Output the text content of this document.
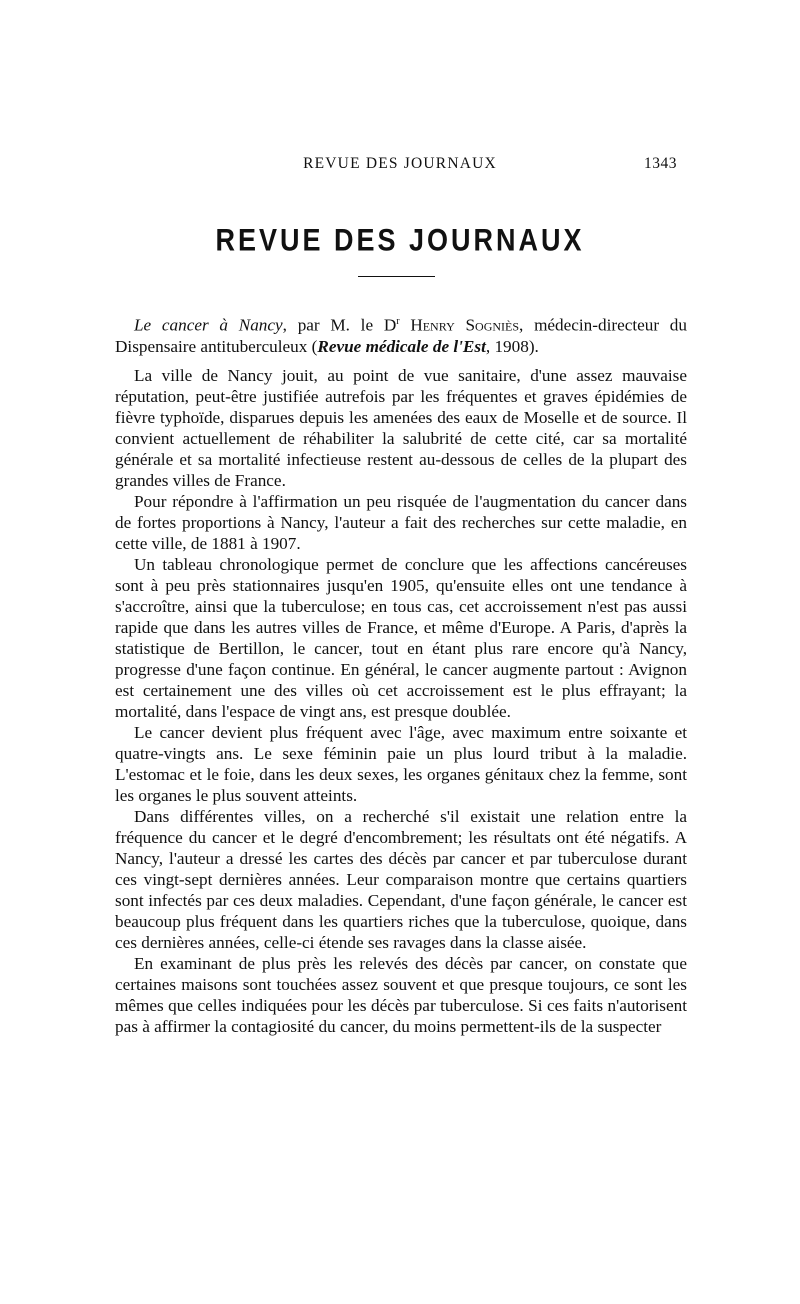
REVUE DES JOURNAUX	1343
REVUE DES JOURNAUX

Le cancer à Nancy, par M. le $D^r$ Henry Sogniès, médecin-directeur du Dispensaire antituberculeux (Revue médicale de l'Est, 1908).

La ville de Nancy jouit, au point de vue sanitaire, d'une assez mauvaise réputation, peut-être justifiée autrefois par les fréquentes et graves épidémies de fièvre typhoïde, disparues depuis les amenées des eaux de Moselle et de source. Il convient actuellement de réhabiliter la salubrité de cette cité, car sa mortalité générale et sa mortalité infectieuse restent au-dessous de celles de la plupart des grandes villes de France.

Pour répondre à l'affirmation un peu risquée de l'augmentation du cancer dans de fortes proportions à Nancy, l'auteur a fait des recherches sur cette maladie, en cette ville, de 1881 à 1907.

Un tableau chronologique permet de conclure que les affections cancéreuses sont à peu près stationnaires jusqu'en 1905, qu'ensuite elles ont une tendance à s'accroître, ainsi que la tuberculose; en tous cas, cet accroissement n'est pas aussi rapide que dans les autres villes de France, et même d'Europe. A Paris, d'après la statistique de Bertillon, le cancer, tout en étant plus rare encore qu'à Nancy, progresse d'une façon continue. En général, le cancer augmente partout : Avignon est certainement une des villes où cet accroissement est le plus effrayant; la mortalité, dans l'espace de vingt ans, est presque doublée.

Le cancer devient plus fréquent avec l'âge, avec maximum entre soixante et quatre-vingts ans. Le sexe féminin paie un plus lourd tribut à la maladie. L'estomac et le foie, dans les deux sexes, les organes génitaux chez la femme, sont les organes le plus souvent atteints.

Dans différentes villes, on a recherché s'il existait une relation entre la fréquence du cancer et le degré d'encombrement; les résultats ont été négatifs. A Nancy, l'auteur a dressé les cartes des décès par cancer et par tuberculose durant ces vingt-sept dernières années. Leur comparaison montre que certains quartiers sont infectés par ces deux maladies. Cependant, d'une façon générale, le cancer est beaucoup plus fréquent dans les quartiers riches que la tuberculose, quoique, dans ces dernières années, celle-ci étende ses ravages dans la classe aisée.

En examinant de plus près les relevés des décès par cancer, on constate que certaines maisons sont touchées assez souvent et que presque toujours, ce sont les mêmes que celles indiquées pour les décès par tuberculose. Si ces faits n'autorisent pas à affirmer la contagiosité du cancer, du moins permettent-ils de la suspecter
